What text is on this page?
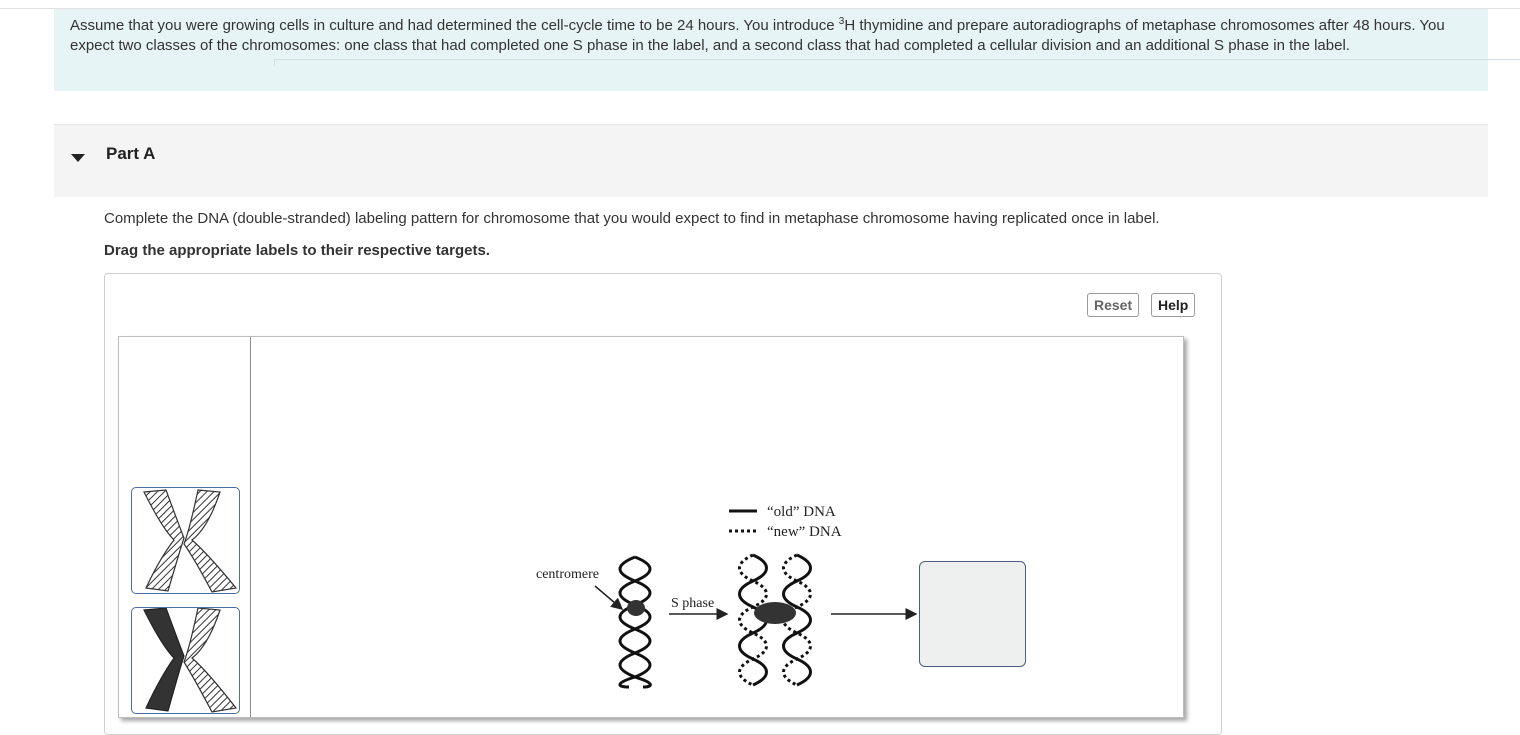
Assume that you were growing cells in culture and had determined the cell-cycle time to be 24 hours. You introduce $^3$H thymidine and prepare autoradiographs of metaphase chromosomes after 48 hours. You expect two classes of the chromosomes: one class that had completed one S phase in the label, and a second class that had completed a cellular division and an additional S phase in the label.
Part A
Complete the DNA (double-stranded) labeling pattern for chromosome that you would expect to find in metaphase chromosome having replicated once in label.
Drag the appropriate labels to their respective targets.
Reset	Help
“old” DNA
“new” DNA
centromere
S phase
